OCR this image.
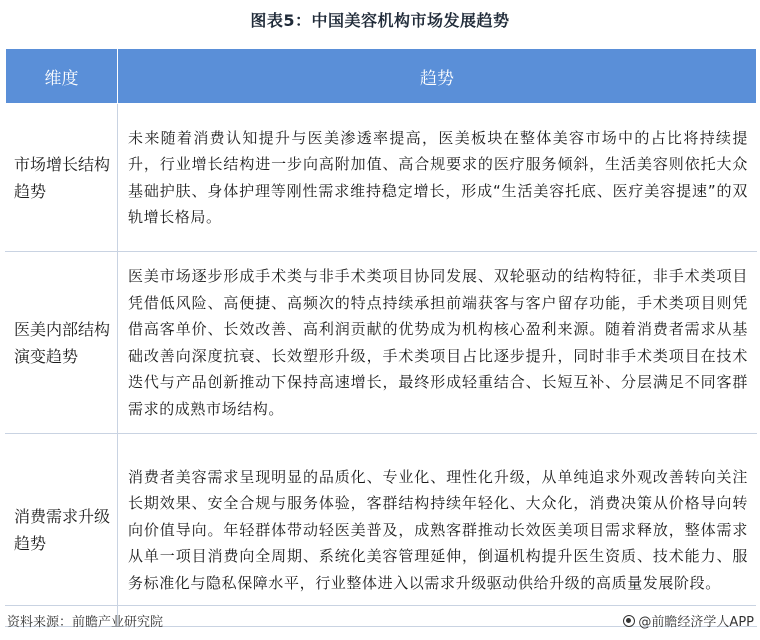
图表5：中国美容机构市场发展趋势
维度	趋势
市场增长结构趋势	未来随着消费认知提升与医美渗透率提高，医美板块在整体美容市场中的占比将持续提升，行业增长结构进一步向高附加值、高合规要求的医疗服务倾斜，生活美容则依托大众基础护肤、身体护理等刚性需求维持稳定增长，形成“生活美容托底、医疗美容提速”的双轨增长格局。
医美内部结构演变趋势	医美市场逐步形成手术类与非手术类项目协同发展、双轮驱动的结构特征，非手术类项目凭借低风险、高便捷、高频次的特点持续承担前端获客与客户留存功能，手术类项目则凭借高客单价、长效改善、高利润贡献的优势成为机构核心盈利来源。随着消费者需求从基础改善向深度抗衰、长效塑形升级，手术类项目占比逐步提升，同时非手术类项目在技术迭代与产品创新推动下保持高速增长，最终形成轻重结合、长短互补、分层满足不同客群需求的成熟市场结构。
消费需求升级趋势	消费者美容需求呈现明显的品质化、专业化、理性化升级，从单纯追求外观改善转向关注长期效果、安全合规与服务体验，客群结构持续年轻化、大众化，消费决策从价格导向转向价值导向。年轻群体带动轻医美普及，成熟客群推动长效医美项目需求释放，整体需求从单一项目消费向全周期、系统化美容管理延伸，倒逼机构提升医生资质、技术能力、服务标准化与隐私保障水平，行业整体进入以需求升级驱动供给升级的高质量发展阶段。
资料来源：前瞻产业研究院	@前瞻经济学人APP
